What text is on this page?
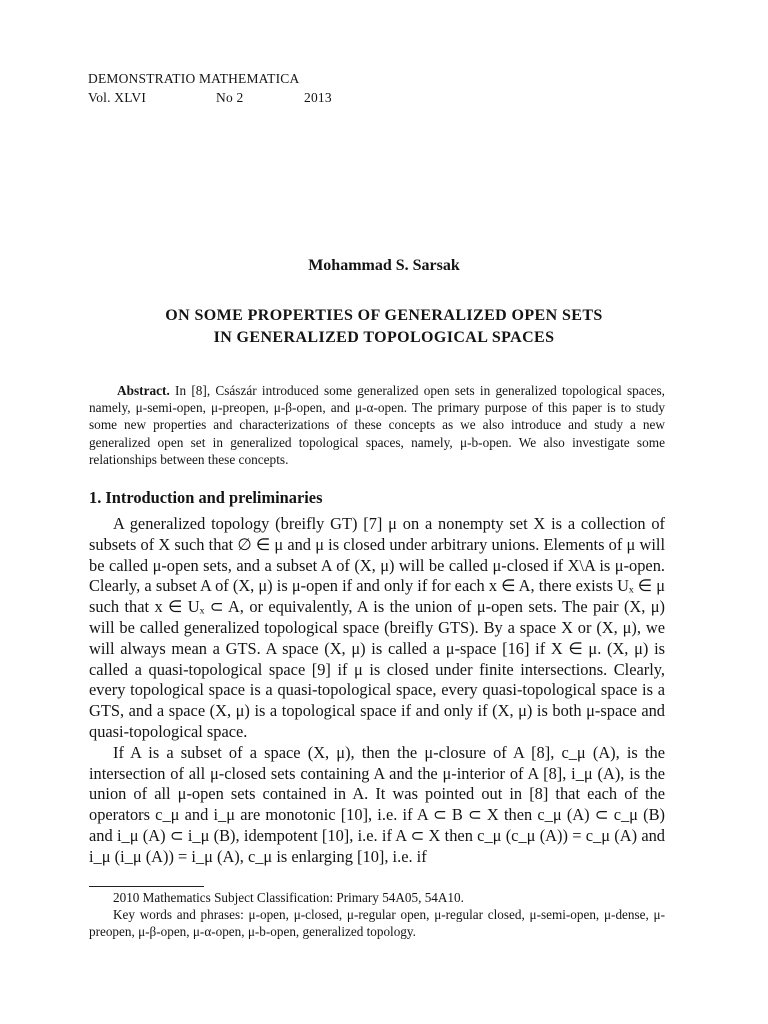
DEMONSTRATIO MATHEMATICA
Vol. XLVI	No 2	2013
Mohammad S. Sarsak
ON SOME PROPERTIES OF GENERALIZED OPEN SETS
IN GENERALIZED TOPOLOGICAL SPACES

Abstract. In [8], Császár introduced some generalized open sets in generalized topological spaces, namely, μ-semi-open, μ-preopen, μ-β-open, and μ-α-open. The primary purpose of this paper is to study some new properties and characterizations of these concepts as we also introduce and study a new generalized open set in generalized topological spaces, namely, μ-b-open. We also investigate some relationships between these concepts.

1. Introduction and preliminaries

A generalized topology (breifly GT) [7] μ on a nonempty set X is a collection of subsets of X such that ∅ ∈ μ and μ is closed under arbitrary unions. Elements of μ will be called μ-open sets, and a subset A of (X, μ) will be called μ-closed if X\A is μ-open. Clearly, a subset A of (X, μ) is μ-open if and only if for each x ∈ A, there exists Uₓ ∈ μ such that x ∈ Uₓ ⊂ A, or equivalently, A is the union of μ-open sets. The pair (X, μ) will be called generalized topological space (breifly GTS). By a space X or (X, μ), we will always mean a GTS. A space (X, μ) is called a μ-space [16] if X ∈ μ. (X, μ) is called a quasi-topological space [9] if μ is closed under finite intersections. Clearly, every topological space is a quasi-topological space, every quasi-topological space is a GTS, and a space (X, μ) is a topological space if and only if (X, μ) is both μ-space and quasi-topological space.

If A is a subset of a space (X, μ), then the μ-closure of A [8], c_μ (A), is the intersection of all μ-closed sets containing A and the μ-interior of A [8], i_μ (A), is the union of all μ-open sets contained in A. It was pointed out in [8] that each of the operators c_μ and i_μ are monotonic [10], i.e. if A ⊂ B ⊂ X then c_μ (A) ⊂ c_μ (B) and i_μ (A) ⊂ i_μ (B), idempotent [10], i.e. if A ⊂ X then c_μ (c_μ (A)) = c_μ (A) and i_μ (i_μ (A)) = i_μ (A), c_μ is enlarging [10], i.e. if

2010 Mathematics Subject Classification: Primary 54A05, 54A10.

Key words and phrases: μ-open, μ-closed, μ-regular open, μ-regular closed, μ-semi-open, μ-dense, μ-preopen, μ-β-open, μ-α-open, μ-b-open, generalized topology.
